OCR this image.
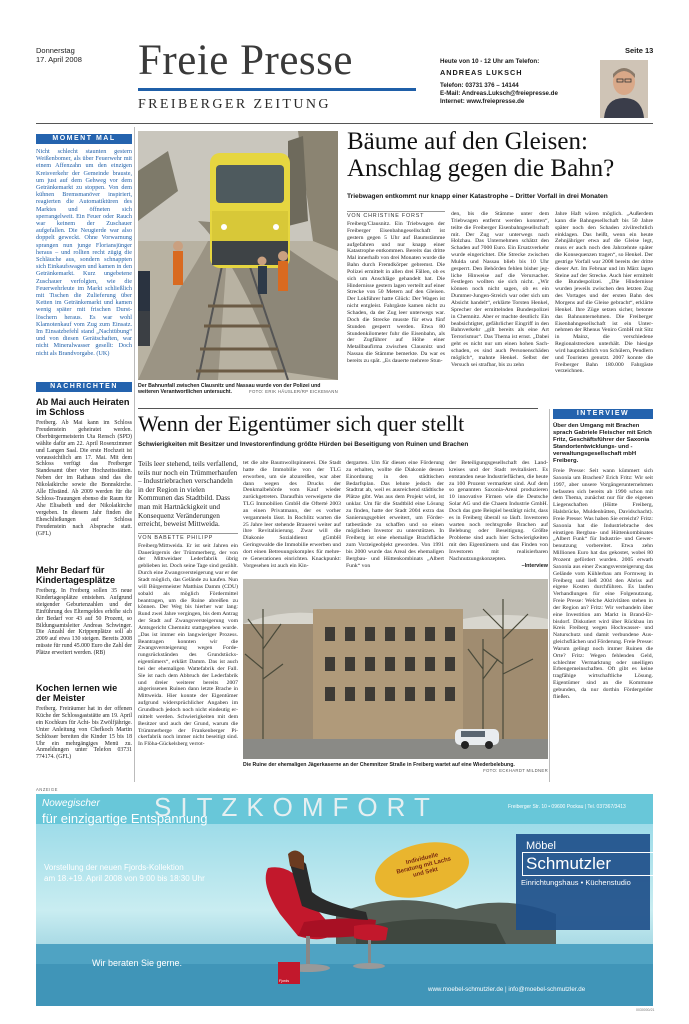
Donnerstag
17. April 2008 Freie Presse
FREIBERGER ZEITUNG
Seite 13
Heute von 10 - 12 Uhr am Telefon:
ANDREAS LUKSCH
Telefon: 03731 376 – 14144
E-Mail: Andreas.Luksch@freiepresse.de
Internet: www.freiepresse.de
MOMENT MAL
Nicht schlecht staunten gestern Weißenbomer, als über Feuerwehr mit einem Affenzahn um den einzigen Kreisverkehr der Gemeinde brauste, um just auf dem Gehweg vor dem Getränkemarkt zu stoppen. Von dem kühnen Bremsmanöver inspiriert, reagierten die Automatiktüren des Marktes und öffneten sich sperrangelweit. Ein Feuer oder Rauch war keinem der Zuschauer aufgefallen. Die Neugierde war also doppelt geweckt. Ohne Vorwarnung sprangen nun junge Floriansjünger heraus – und rollten recht zügig die Schläuche aus, sondern schnappten sich Einkaufswagen und kamen in den Getränkemarkt. Kurz ungebetene Zuschauer verfolgten, wie die Feuerwehrleute im Markt schließlich mit Tischen die Zulieferung über Ketten im Getränkemarkt und kamen wenig später mit frischen Durstlöschern heraus. Es war wohl Klamotenkauf vom Zug zum Einsatz. Im Einsatzbefehl stand „Nachtübung“ und von diesen Gerätschaften, war nicht Mineralwasser gesellt: Doch nicht als Brandvorgabe. (UK)
NACHRICHTEN
Ab Mai auch Heiraten im Schloss
Freiberg. Ab Mai kann im Schloss Freudenstein geheiratet werden. Oberbürgermeisterin Uta Rensch (SPD) wählte dafür am 22. April Rosenzimmer und Langen Saal. Die erste Hochzeit ist voraussichtlich am 17. Mai. Mit dem Schloss verfügt das Freiberger Standesamt über vier Hochzeitsstätten. Neben der im Rathaus sind das die Nikolaikirche sowie die Bonnskirche. Alle Ehständ. Ab 2009 werden für die Schloss-Trauungen ebenso die Raum für Ahe Elisabeth und der Nikolaikirche vergeben. In diesem Jahr finden die Eheschließungen auf Schloss Freudenstein nach Absprache statt. (GFL)
Mehr Bedarf für Kindertagesplätze
Freiberg. In Freiberg sollen 35 neue Kindertagesplätze entstehen. Aufgrund steigender Geburtenzahlen und der Einführung des Elterngeldes erhöhe sich der Bedarf vor 43 auf 50 Prozent, so Bildungsamtsleiter Andreas Schwinger. Die Anzahl der Krippenplätze soll ab 2009 auf etwa 130 steigen. Bereits 2008 müsste für rund 45.000 Euro die Zahl der Plätze erweitert werden. (RB)
Kochen lernen wie der Meister
Freiberg. Freiräumer hat in der offenen Küche der Schlossgaststätte am 19. April ein Kochkurs für Acht- bis Zwölfjährige. Unter Anleitung von Chefkoch Martin Schlösser bereiten die Kinder 15 bis 18 Uhr ein mehrgängiges Menü zu. Anmeldungen unter Telefon 03731 774174. (GFL)
Der Bahnunfall zwischen Clausnitz und Nassau wurde von der Polizei und weiteren Verantwortlichen untersucht.	FOTO: ERIK HÄUSLER/RP EICKEMANN
Bäume auf den Gleisen: Anschlag gegen die Bahn?
Triebwagen entkommt nur knapp einer Katastrophe – Dritter Vorfall in drei Monaten
VON CHRISTINE FORST
Freiberg/Clausnitz. Ein Triebwagen der Freiberger Eisenbahngesellschaft ist gestern gegen 5 Uhr auf Baumstämme aufgefahren und nur knapp einer Katastrophe entkommen. Bereits das dritte Mal innerhalb von drei Monaten wurde die Bahn durch Fremdkörper gebremst. Die Polizei ermittelt in allen drei Fällen, ob es sich um Anschläge gehandelt hat. Die Hindernisse gestern lagen verteilt auf einer Strecke von 50 Metern auf den Gleisen. Der Lokführer hatte Glück: Der Wagen ist nicht entgleist. Fahrgäste kamen nicht zu Schaden, da der Zug leer unterwegs war. Doch die Strecke musste für etwa fünf Stunden gesperrt werden. Etwa 80 Stundenkilometer fuhr die Eisenbahn, als der Zugführer auf Höhe einer Metallbaufirma zwischen Clausnitz und Nassau die Stämme bemerkte. Da war es bereits zu spät. „Es dauerte mehrere Stun-
den, bis die Stämme unter dem Triebwagen entfernt werden konnten“, teilte die Freiberger Eisenbahngesellschaft mit. Der Zug war unterwegs nach Holzhau. Das Unternehmen schätzt den Schaden auf 7000 Euro. Ein Ersatzverkehr wurde eingerichtet. Die Strecke zwischen Mulda und Nassau blieb bis 10 Uhr gesperrt. Den Behörden fehlen bisher jegliche Hinweise auf die Verursacher. Festlegen wollten sie sich nicht. „Wir können noch nicht sagen, ob es ein Dummer-Jungen-Streich war oder sich um Absicht handelt“, erklärte Torsten Henkel, Sprecher der ermittelnden Bundespolizei in Chemnitz. Aber er machte deutlich: Ein beabsichtigter, gefährlicher Eingriff in den Bahnverkehr „gilt bereits als eine Art Terrorismus“. Das Thema ist ernst. „Dabei geht es nicht nur um einen hohen Sachschaden, es sind auch Personenschäden möglich“, mahnte Henkel. Selbst der Versuch sei strafbar, bis zu zehn
Jahre Haft wären möglich. „Außerdem kann die Bahngesellschaft bis 50 Jahre später noch den Schaden zivilrechtlich einklagen. Das heißt, wenn ein heute Zehnjähriger etwa auf die Gleise legt, muss er auch noch den Jahrzehnte später die Konsequenzen tragen“, so Henkel. Der gestrige Vorfall war 2008 bereits der dritte dieser Art. Im Februar und im März lagen Steine auf der Strecke. Auch hier ermittelt die Bundespolizei. „Die Hindernisse wurden jeweils zwischen den letzten Zug des Vortages und der ersten Bahn des Morgens auf die Gleise gebracht“, erklärte Henkel. Ihre Züge setzen sicher, betonte das Bahnunternehmen. Die Freiberger Eisenbahngesellschaft ist ein Unternehmen der Rhenus Veniro GmbH mit Sitz in Mainz, die verschiedene Regionalstrecken unterhält. Die hiesige wird hauptsächlich von Schülern, Pendlern und Touristen genutzt. 2007 konnte die Freiberger Bahn 180.000 Fahrgäste verzeichnen.
Wenn der Eigentümer sich quer stellt
Schwierigkeiten mit Besitzer und Investorenfindung größte Hürden bei Beseitigung von Ruinen und Brachen
Teils leer stehend, teils verfallend, teils nur noch ein Trümmerhaufen – Industriebrachen verschandeln in der Region in vielen Kommunen das Stadtbild. Dass man mit Hartnäckigkeit und Konsequenz Veränderungen erreicht, beweist Mittweida.
VON BABETTE PHILIPP
Freiberg/Mittweida. Er ist seit Jahren ein Dauerärgernis der Trümmerberg, der von der Mittweidaer Lederfabrik übrig geblieben ist. Doch seine Tage sind gezählt. Durch eine Zwangsversteigerung war er der Stadt möglich, das Gelände zu kaufen. Nun will Bürgermeister Matthias Damm (CDU) sobald als möglich Fördermittel beantragen, um die Ruine abreißen zu können. Der Weg bis hierher war lang: Rund zwei Jahre vergingen, bis dem Antrag der Stadt auf Zwangsversteigerung vom Amtsgericht Chemnitz stattgegeben wurde. „Das ist immer ein langwieriger Prozess. Beantragen konnten wir die Zwangsversteigerung wegen Forderungsrückständen des Grundstückseigentümers“, erklärt Damm. Das ist auch bei der ehemaligen Wattefabrik der Fall. Sie ist nach dem Abbruch der Lederfabrik und dreier weiterer bereits 2007 abgerissenen Ruinen dann letzte Brache in Mittweida. Hier konnte der Eigentümer aufgrund widersprüchlicher Angaben im Grundbuch jedoch noch nicht eindeutig ermittelt werden. Schwierigkeiten mit dem Besitzer und auch der Grund, warum die Trümmerberge der Frankenberger Pickerfabrik noch immer nicht beseitigt sind. In Flöha-Gückelsberg verrot-
tet die alte Baumwollspinnerei. Die Stadt hatte die Immobilie von der TLG erworben, um sie abzureißen, war aber dann wegen des Drucks der Denkmalbehörde vom Kauf wieder zurückgetreten. Daraufhin verweigerte die TLG Immobilien GmbH die Ofterté 2003 an einen Privatmann, der es vorher vergammeln lässt. In Rochlitz warten die 25 Jahre leer stehende Brauerei weiter auf ihre Revitalisierung. Zwar will die Diakonie Sozialdienst gGmbH Geringswalde die Immobilie erwerben und dort einen Betreuungskomplex für mehrere Generationen einrichten. Knackpunkt: Vorgesehen ist auch ein Kin-
dergarten. Um für diesen eine Förderung zu erhalten, wollte die Diakonie dessen Einordnung in den städtischen Bedarfsplan. Das lehnte jedoch der Stadtrat ab, weil es ausreichend städtische Plätze gibt. Was aus dem Projekt wird, ist unklar. Um für die Stadtbild eine Lösung zu finden, hatte der Stadt 2004 extra das Sanierungsgebiet erweitert, um Fördertatbestände zu schaffen und so einen möglichen Investor zu unterstützen. In Freiberg ist eine ehemalige Brachfläche zum Vorzeigeobjekt geworden. Von 1991 bis 2000 wurde das Areal des ehemaligen Bergbau- und Hüttenkombinats „Albert Funk“ von
der Beteiligungsgesellschaft des Landkreises und der Stadt revitalisiert. Es entstanden neue Industrieflächen, die heute zu 100 Prozent vermarktet sind. Auf dem so genannten Saxonia-Areal produzieren 10 innovative Firmen wie die Deutsche Solar AG und die Chaem Industrie GmbH. Doch das gute Beispiel bestätigt nicht, dass es in Freiberg überall so läuft. Investoren warten noch rechtsgroße Brachen auf Belebung oder Beseitigung. Größte Probleme sind auch hier Schwierigkeiten mit den Eigentümern und das Finden von Investoren mit realisierbaren Nachnutzungskonzepten.
–Interview
Die Ruine der ehemaligen Jägerkaserne an der Chemnitzer Straße in Freiberg wartet auf eine Wiederbelebung.
FOTO: ECKHARDT MILDNER
INTERVIEW
Über den Umgang mit Brachen sprach Gabriele Fleischer mit Erich Fritz, Geschäftsführer der Saxonia Standortentwicklungs- und -verwaltungsgesellschaft mbH Freiberg.
Freie Presse: Seit wann kümmert sich Saxonia um Brachen? Erich Fritz: Wir seit 1997, aber unsere Vorgängerunternehmen befassten sich bereits ab 1990 schon mit dem Thema, zunächst nur für die eigenen Liegenschaften (Hütte Freiberg, Halsbrücke, Muldenhütten, Davidschacht). Freie Presse: Was haben Sie erreicht? Fritz: Saxonia hat die Industriebrache des einstigen Bergbau- und Hüttenkombinates „Albert Funk“ für Industrie- und Gewerbenutzung vorbereitet. Etwa zehn Millionen Euro hat das gekostet, wobei 80 Prozent gefördert wurden. 2005 erwarb Saxonia aus einer Zwangsversteigerung das Gelände vom Kühlerbau am Formweg in Freiberg und ließ 2004 den Abriss auf eigene Kosten durchführen. Es laufen Verhandlungen für eine Folgenutzung. Freie Presse: Welche Aktivitäten stehen in der Region an? Fritz: Wir verhandeln über eine Investition am Markt in Brand-Erbisdorf. Diskutiert wird über Rückbau im Kreis Freiberg wegen Hochwasser- und Naturschutz und damit verbundene Ausgleichsflächen und Förderung. Freie Presse: Warum gelingt noch immer Ruinen die Orte? Fritz: Wegen fehlenden Geld, schlechter Vermarktung oder uneiligen Erbengemeinschaften. Oft gibt es keine tragfähige wirtschaftliche Lösung. Eigentümer sind an die Kommune gebunden, da nur dorthin Fördergelder fließen.
ANZEIGE
Nowegischer SITZKOMFORT	Freiberger Str. 10 • 09600 Pockau | Tel. 037367/3413
für einzigartige Entspannung
Vorstellung der neuen Fjords-Kollektion
am 18.+19. April 2008 von 9:00 bis 18:30 Uhr
Individuelle Beratung mit Lachs und Sekt
Möbel
Schmutzler
Einrichtungshaus • Küchenstudio
Wir beraten Sie gerne.
Fjords
www.moebel-schmutzler.de | info@moebel-schmutzler.de
0030000/21
